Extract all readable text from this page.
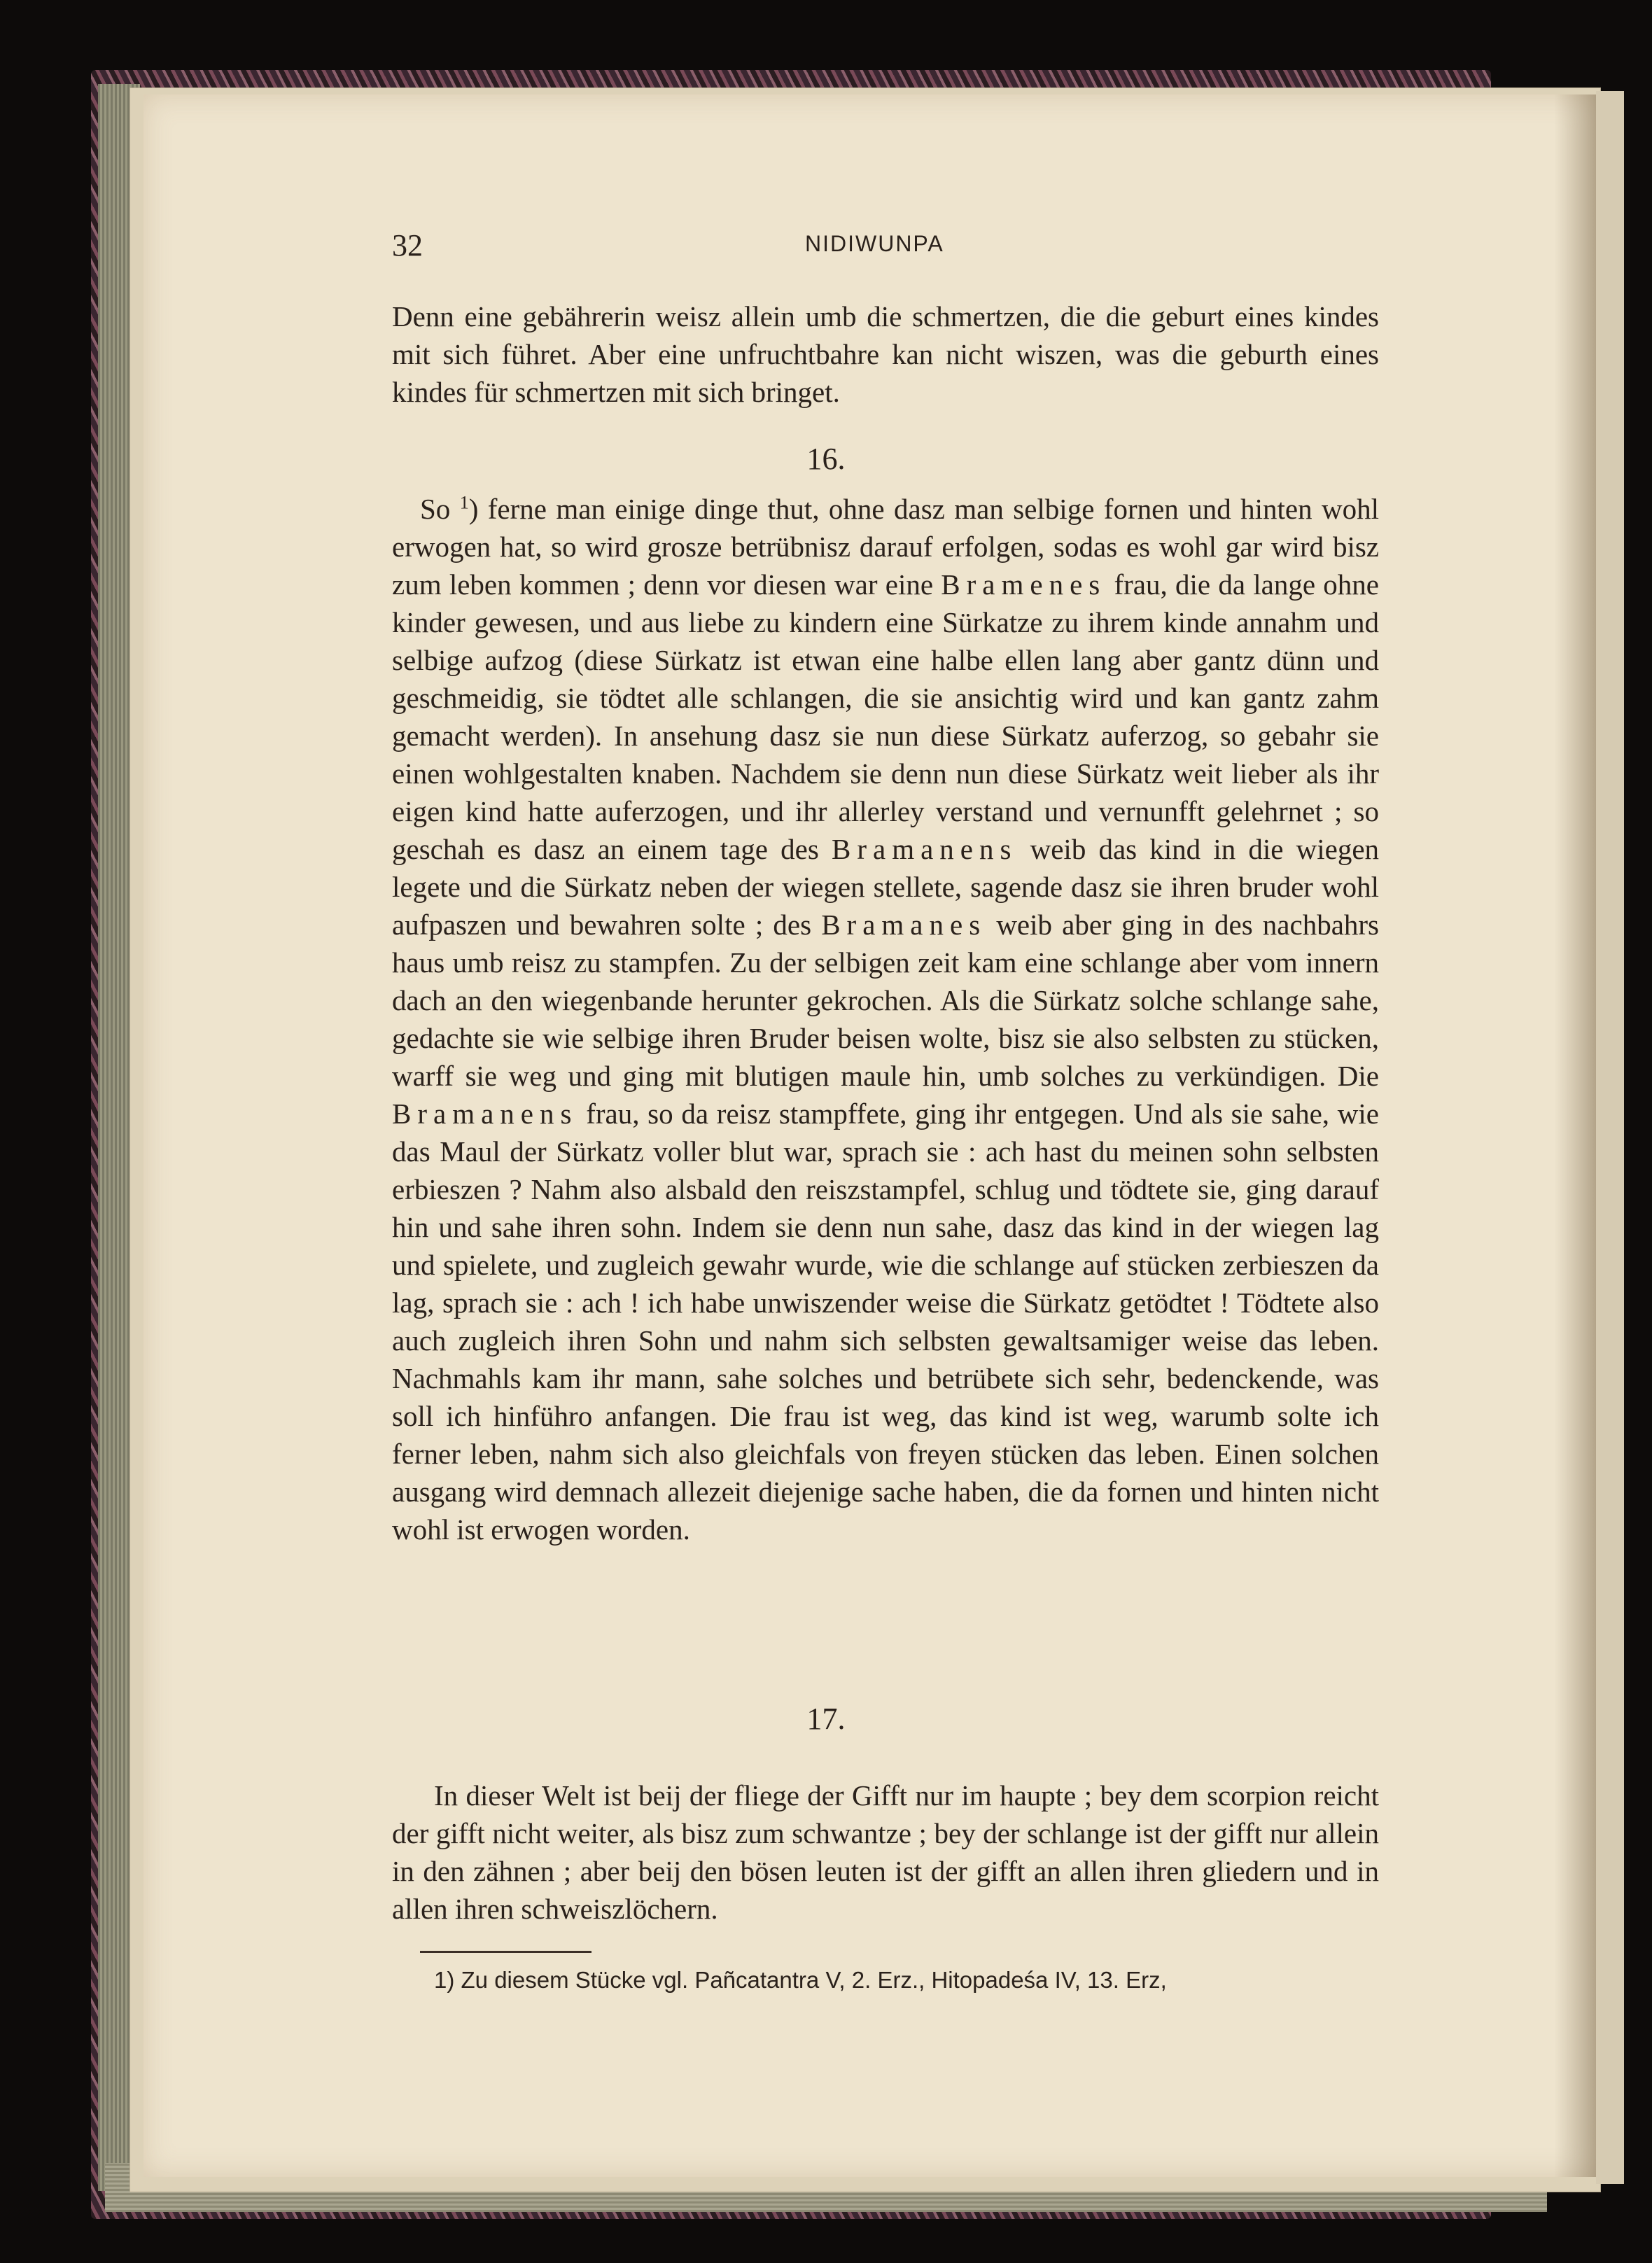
32	NIDIWUNPA

Denn eine gebährerin weisz allein umb die schmertzen, die die geburt eines kindes mit sich führet. Aber eine unfruchtbahre kan nicht wiszen, was die geburth eines kindes für schmertzen mit sich bringet.

16.

So $^1$) ferne man einige dinge thut, ohne dasz man selbige fornen und hinten wohl erwogen hat, so wird grosze betrübnisz darauf erfolgen, sodas es wohl gar wird bisz zum leben kommen ; denn vor diesen war eine Bramenes frau, die da lange ohne kinder gewesen, und aus liebe zu kindern eine Sürkatze zu ihrem kinde annahm und selbige aufzog (diese Sürkatz ist etwan eine halbe ellen lang aber gantz dünn und geschmeidig, sie tödtet alle schlangen, die sie ansichtig wird und kan gantz zahm gemacht werden). In ansehung dasz sie nun diese Sürkatz auferzog, so gebahr sie einen wohlgestalten knaben. Nachdem sie denn nun diese Sürkatz weit lieber als ihr eigen kind hatte auferzogen, und ihr allerley verstand und vernunfft gelehrnet ; so geschah es dasz an einem tage des Bramanens weib das kind in die wiegen legete und die Sürkatz neben der wiegen stellete, sagende dasz sie ihren bruder wohl aufpaszen und bewahren solte ; des Bramanes weib aber ging in des nachbahrs haus umb reisz zu stampfen. Zu der selbigen zeit kam eine schlange aber vom innern dach an den wiegenbande herunter gekrochen. Als die Sürkatz solche schlange sahe, gedachte sie wie selbige ihren Bruder beisen wolte, bisz sie also selbsten zu stücken, warff sie weg und ging mit blutigen maule hin, umb solches zu verkündigen. Die Bramanens frau, so da reisz stampffete, ging ihr entgegen. Und als sie sahe, wie das Maul der Sürkatz voller blut war, sprach sie : ach hast du meinen sohn selbsten erbieszen ? Nahm also alsbald den reiszstampfel, schlug und tödtete sie, ging darauf hin und sahe ihren sohn. Indem sie denn nun sahe, dasz das kind in der wiegen lag und spielete, und zugleich gewahr wurde, wie die schlange auf stücken zerbieszen da lag, sprach sie : ach ! ich habe unwiszender weise die Sürkatz getödtet ! Tödtete also auch zugleich ihren Sohn und nahm sich selbsten gewaltsamiger weise das leben. Nachmahls kam ihr mann, sahe solches und betrübete sich sehr, bedenckende, was soll ich hinführo anfangen. Die frau ist weg, das kind ist weg, warumb solte ich ferner leben, nahm sich also gleichfals von freyen stücken das leben. Einen solchen ausgang wird demnach allezeit diejenige sache haben, die da fornen und hinten nicht wohl ist erwogen worden.

17.

In dieser Welt ist beij der fliege der Gifft nur im haupte ; bey dem scorpion reicht der gifft nicht weiter, als bisz zum schwantze ; bey der schlange ist der gifft nur allein in den zähnen ; aber beij den bösen leuten ist der gifft an allen ihren gliedern und in allen ihren schweiszlöchern.

1) Zu diesem Stücke vgl. Pañcatantra V, 2. Erz., Hitopadeśa IV, 13. Erz,
